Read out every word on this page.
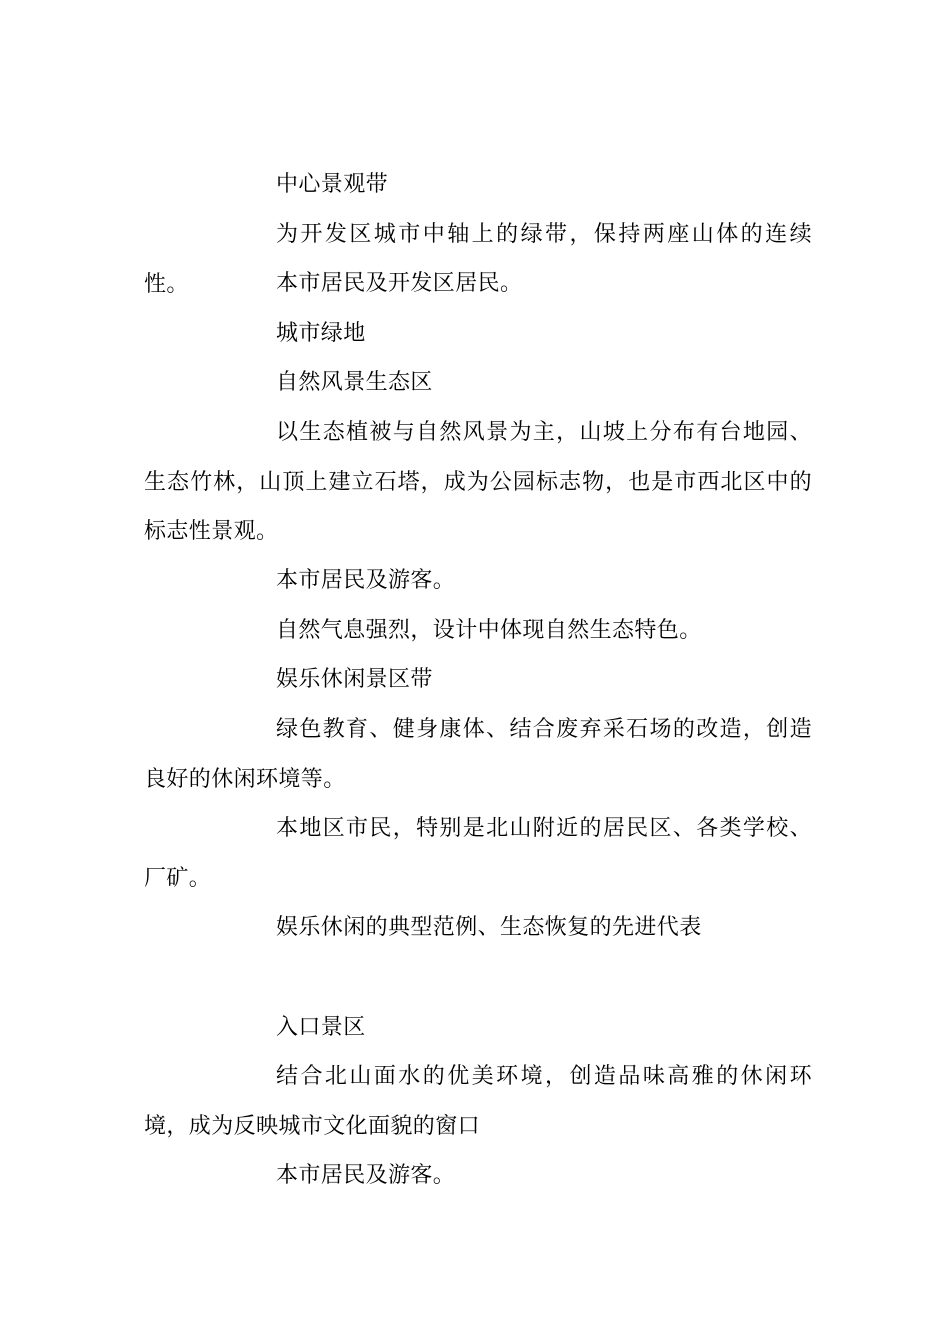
中心景观带

为开发区城市中轴上的绿带，保持两座山体的连续性。	本市居民及开发区居民。

城市绿地

自然风景生态区

以生态植被与自然风景为主，山坡上分布有台地园、生态竹林，山顶上建立石塔，成为公园标志物，也是市西北区中的标志性景观。

本市居民及游客。

自然气息强烈，设计中体现自然生态特色。

娱乐休闲景区带

绿色教育、健身康体、结合废弃采石场的改造，创造良好的休闲环境等。

本地区市民，特别是北山附近的居民区、各类学校、厂矿。

娱乐休闲的典型范例、生态恢复的先进代表

入口景区

结合北山面水的优美环境，创造品味高雅的休闲环境，成为反映城市文化面貌的窗口

本市居民及游客。
